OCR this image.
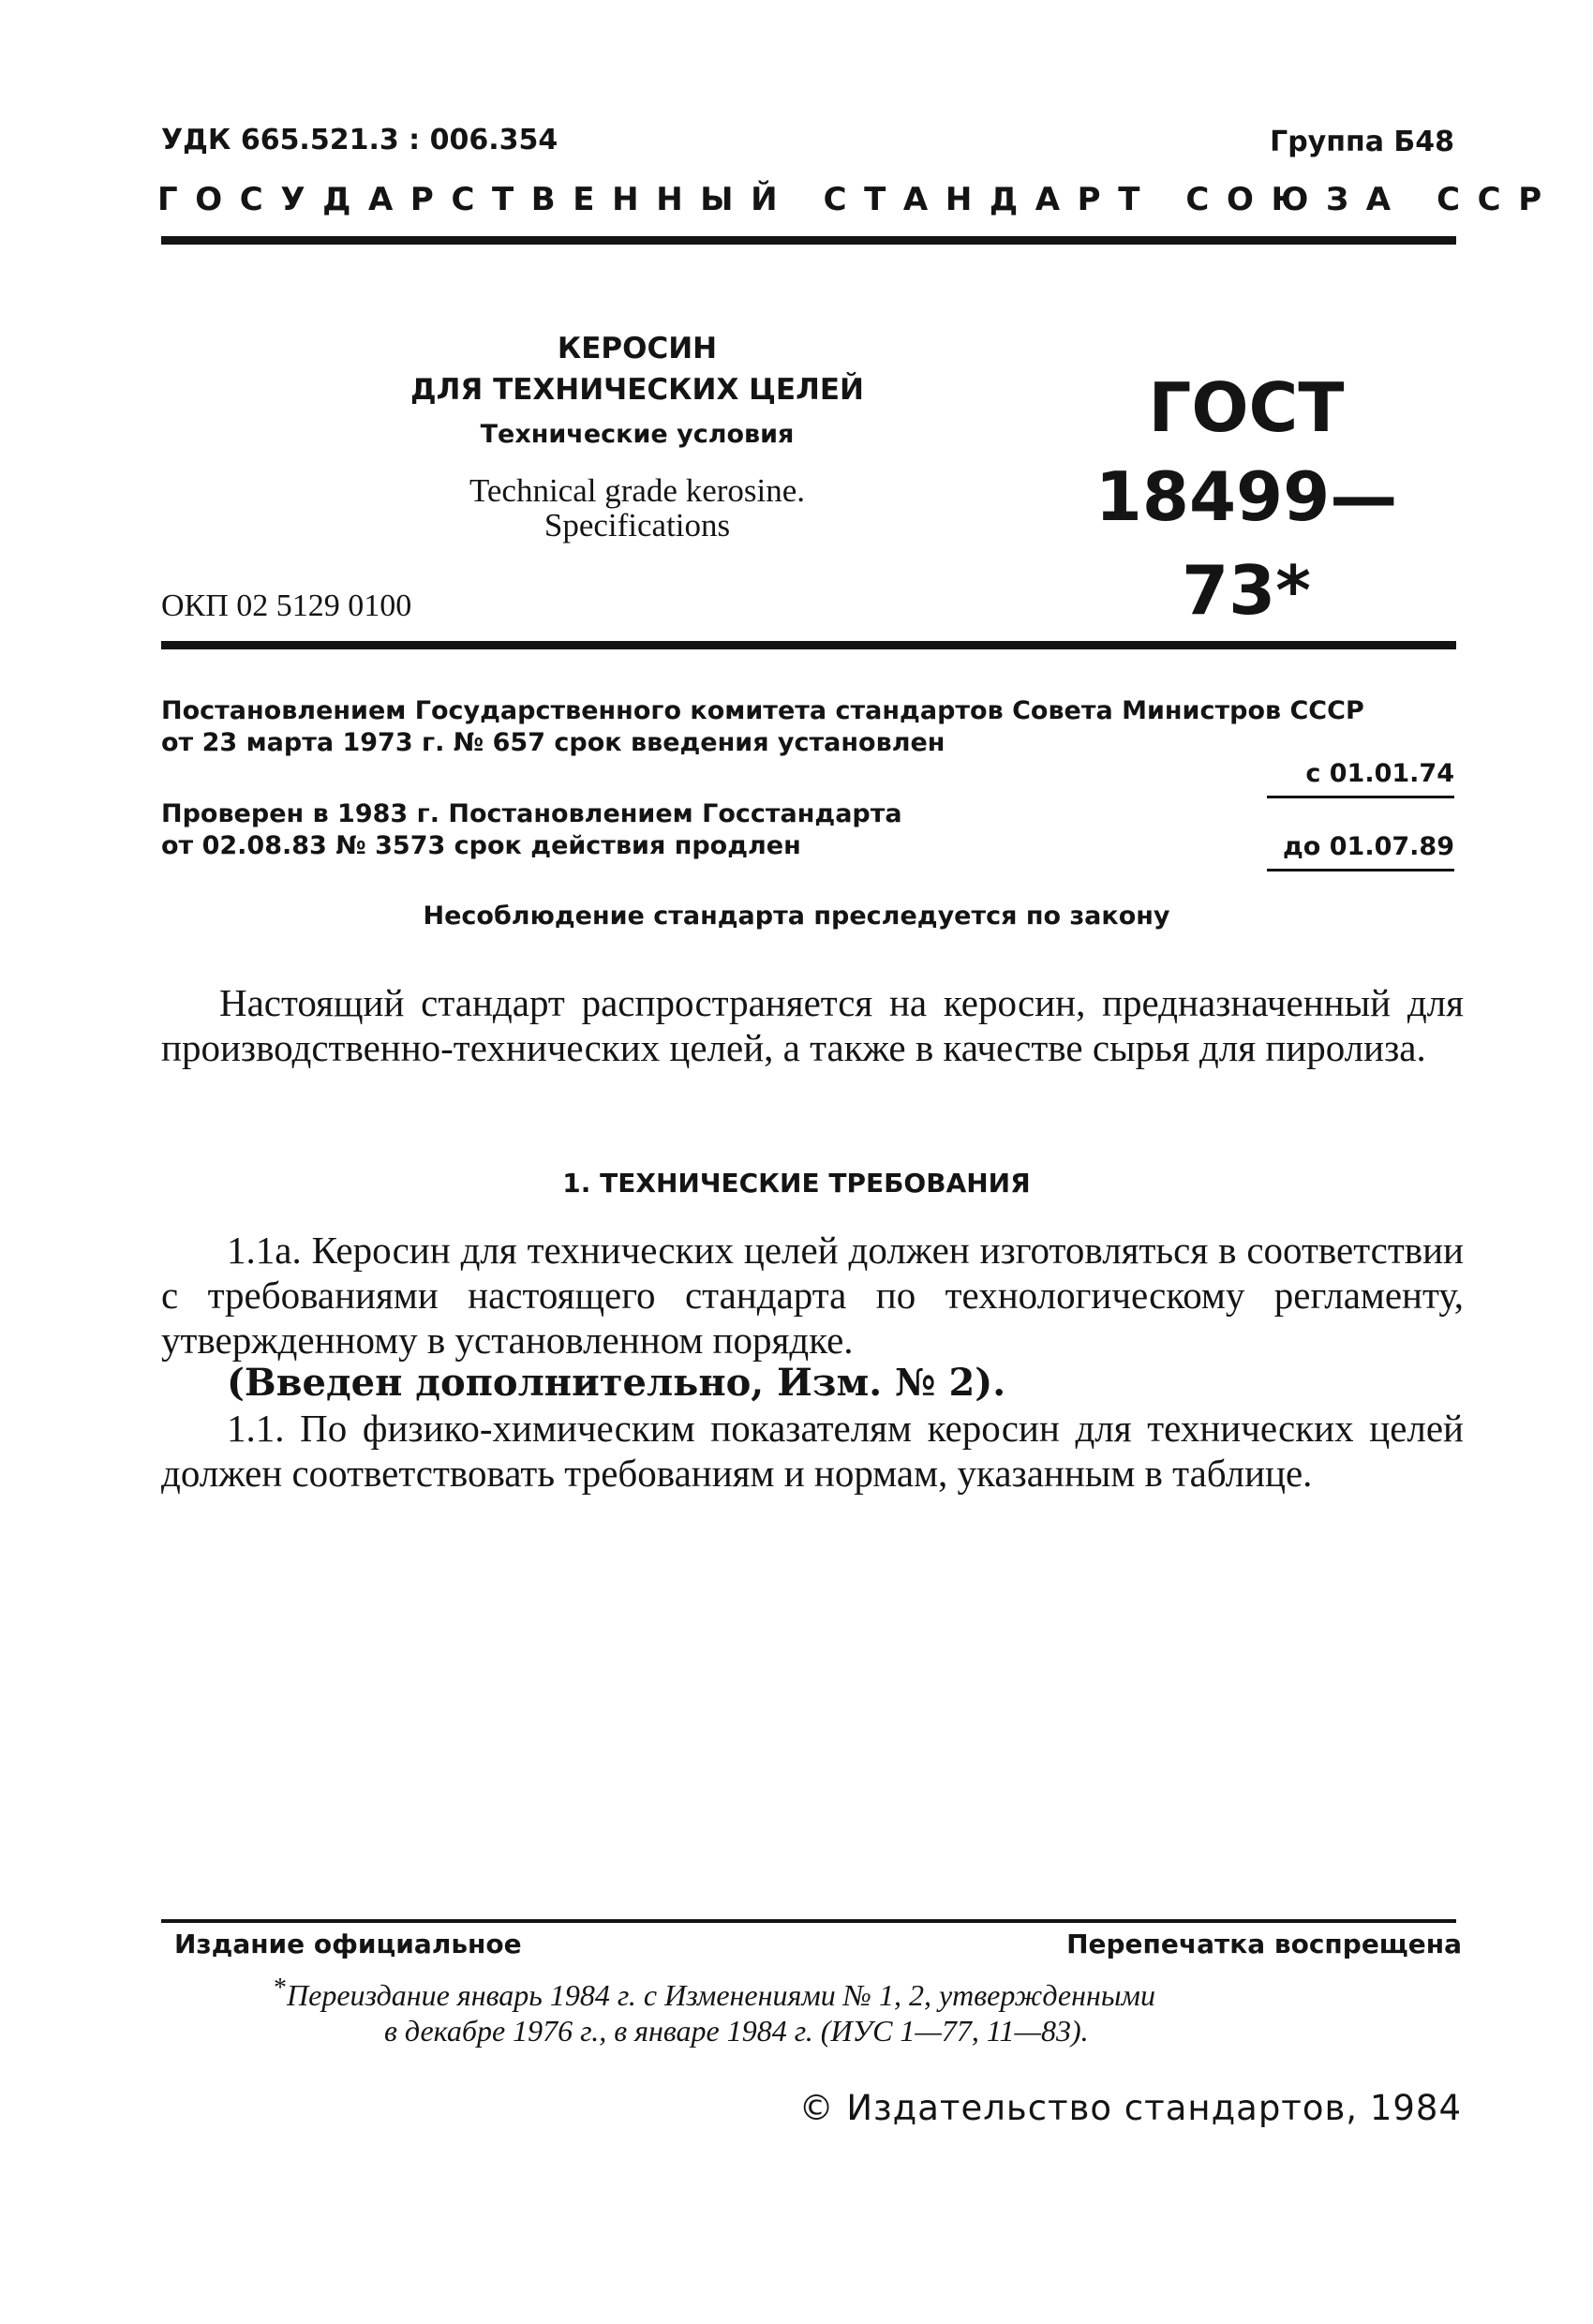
УДК 665.521.3 : 006.354	Группа Б48
ГОСУДАРСТВЕННЫЙ СТАНДАРТ СОЮЗА ССР
КЕРОСИН
ДЛЯ ТЕХНИЧЕСКИХ ЦЕЛЕЙ
Технические условия
Technical grade kerosine.
Specifications
ГОСТ
18499—73*
ОКП 02 5129 0100
Постановлением Государственного комитета стандартов Совета Министров СССР
от 23 марта 1973 г. № 657 срок введения установлен
с 01.01.74
Проверен в 1983 г. Постановлением Госстандарта
от 02.08.83 № 3573 срок действия продлен	до 01.07.89
Несоблюдение стандарта преследуется по закону
Настоящий стандарт распространяется на керосин, предназначенный для производственно-технических целей, а также в качестве сырья для пиролиза.
1. ТЕХНИЧЕСКИЕ ТРЕБОВАНИЯ
1.1а. Керосин для технических целей должен изготовляться в соответствии с требованиями настоящего стандарта по технологическому регламенту, утвержденному в установленном порядке.
(Введен дополнительно, Изм. № 2).
1.1. По физико-химическим показателям керосин для технических целей должен соответствовать требованиям и нормам, указанным в таблице.
Издание официальное	Перепечатка воспрещена
* Переиздание январь 1984 г. с Изменениями № 1, 2, утвержденными
в декабре 1976 г., в январе 1984 г. (ИУС 1—77, 11—83).
© Издательство стандартов, 1984
